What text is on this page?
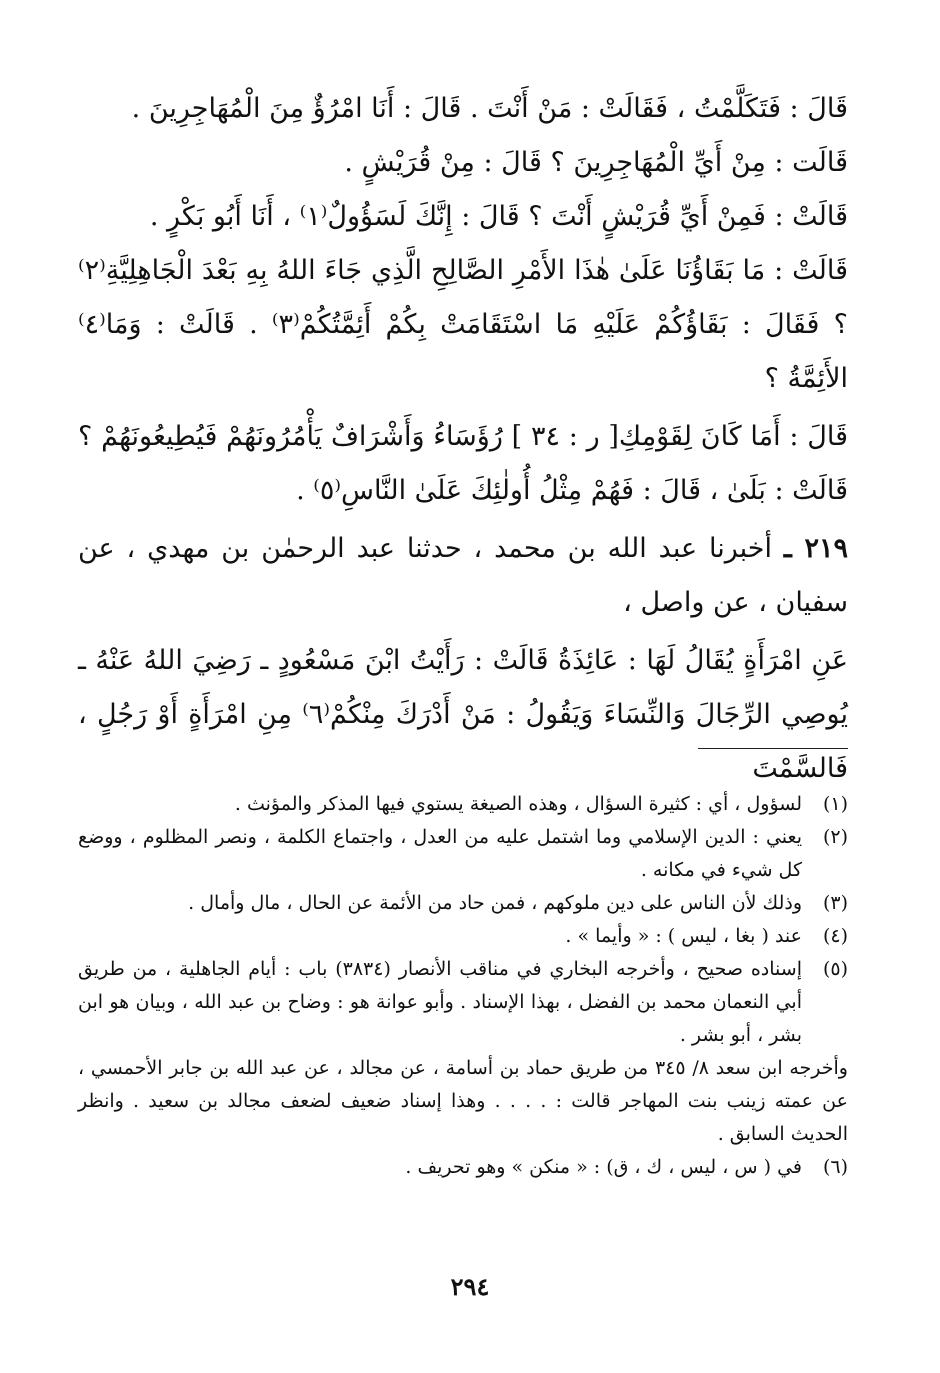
قَالَ : فَتَكَلَّمْتُ ، فَقَالَتْ : مَنْ أَنْتَ . قَالَ : أَنَا امْرُؤٌ مِنَ الْمُهَاجِرِينَ .

قَالَت : مِنْ أَيِّ الْمُهَاجِرِينَ ؟ قَالَ : مِنْ قُرَيْشٍ .

قَالَتْ : فَمِنْ أَيِّ قُرَيْشٍ أَنْتَ ؟ قَالَ : إِنَّكَ لَسَؤُولٌ⁽١⁾ ، أَنَا أَبُو بَكْرٍ .

قَالَتْ : مَا بَقَاؤُنَا عَلَىٰ هٰذَا الأَمْرِ الصَّالِحِ الَّذِي جَاءَ اللهُ بِهِ بَعْدَ الْجَاهِلِيَّةِ⁽٢⁾ ؟ فَقَالَ : بَقَاؤُكُمْ عَلَيْهِ مَا اسْتَقَامَتْ بِكُمْ أَئِمَّتُكُمْ⁽٣⁾ . قَالَتْ : وَمَا⁽٤⁾ الأَئِمَّةُ ؟

قَالَ : أَمَا كَانَ لِقَوْمِكِ[ ر : ٣٤ ] رُؤَسَاءُ وَأَشْرَافٌ يَأْمُرُونَهُمْ فَيُطِيعُونَهُمْ ؟ قَالَتْ : بَلَىٰ ، قَالَ : فَهُمْ مِثْلُ أُولٰئِكَ عَلَىٰ النَّاسِ⁽٥⁾ .

٢١٩ ـ أخبرنا عبد الله بن محمد ، حدثنا عبد الرحمٰن بن مهدي ، عن سفيان ، عن واصل ،

عَنِ امْرَأَةٍ يُقَالُ لَهَا : عَائِذَةُ قَالَتْ : رَأَيْتُ ابْنَ مَسْعُودٍ ـ رَضِيَ اللهُ عَنْهُ ـ يُوصِي الرِّجَالَ وَالنِّسَاءَ وَيَقُولُ : مَنْ أَدْرَكَ مِنْكُمْ⁽٦⁾ مِنِ امْرَأَةٍ أَوْ رَجُلٍ ، فَالسَّمْتَ

(١)
لسؤول ، أي : كثيرة السؤال ، وهذه الصيغة يستوي فيها المذكر والمؤنث .

(٢)
يعني : الدين الإسلامي وما اشتمل عليه من العدل ، واجتماع الكلمة ، ونصر المظلوم ، ووضع كل شيء في مكانه .

(٣)
وذلك لأن الناس على دين ملوكهم ، فمن حاد من الأئمة عن الحال ، مال وأمال .

(٤)
عند ( بغا ، ليس ) : « وأيما » .

(٥)
إسناده صحيح ، وأخرجه البخاري في مناقب الأنصار (٣٨٣٤) باب : أيام الجاهلية ، من طريق أبي النعمان محمد بن الفضل ، بهذا الإسناد . وأبو عوانة هو : وضاح بن عبد الله ، وبيان هو ابن بشر ، أبو بشر .

وأخرجه ابن سعد ٨/ ٣٤٥ من طريق حماد بن أسامة ، عن مجالد ، عن عبد الله بن جابر الأحمسي ، عن عمته زينب بنت المهاجر قالت : . . . . وهذا إسناد ضعيف لضعف مجالد بن سعيد . وانظر الحديث السابق .

(٦)
في ( س ، ليس ، ك ، ق) : « منكن » وهو تحريف .

٢٩٤
